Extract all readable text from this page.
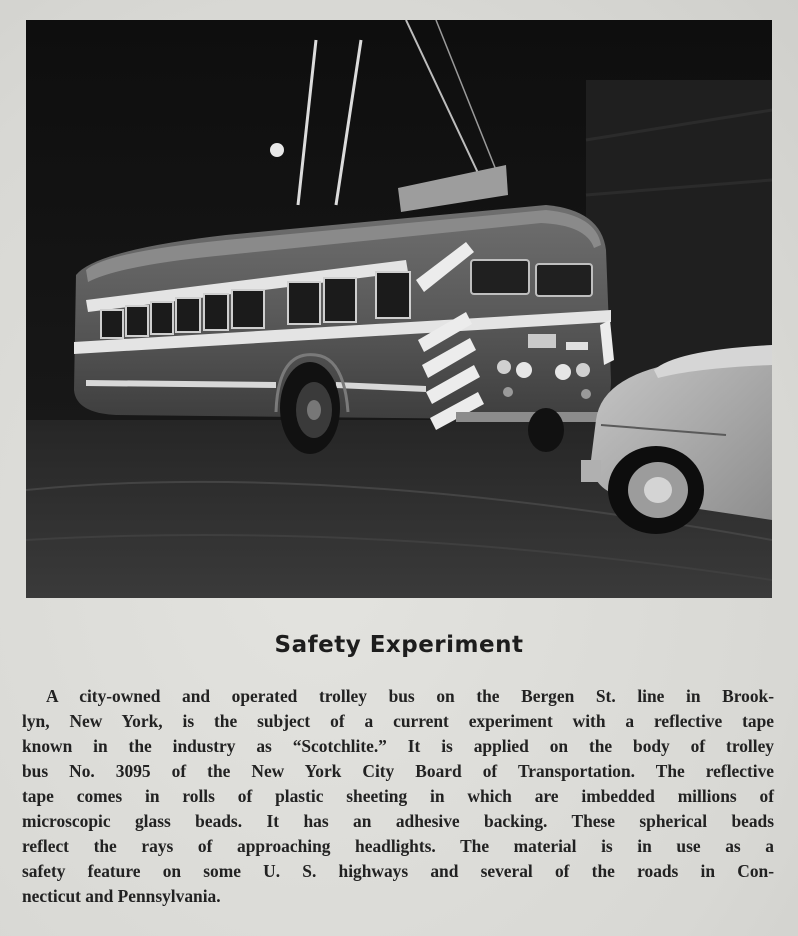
Safety Experiment

A city-owned and operated trolley bus on the Bergen St. line in Brook-
lyn, New York, is the subject of a current experiment with a reflective tape
known in the industry as “Scotchlite.” It is applied on the body of trolley
bus No. 3095 of the New York City Board of Transportation. The reflective
tape comes in rolls of plastic sheeting in which are imbedded millions of
microscopic glass beads. It has an adhesive backing. These spherical beads
reflect the rays of approaching headlights. The material is in use as a
safety feature on some U. S. highways and several of the roads in Con-
necticut and Pennsylvania.
